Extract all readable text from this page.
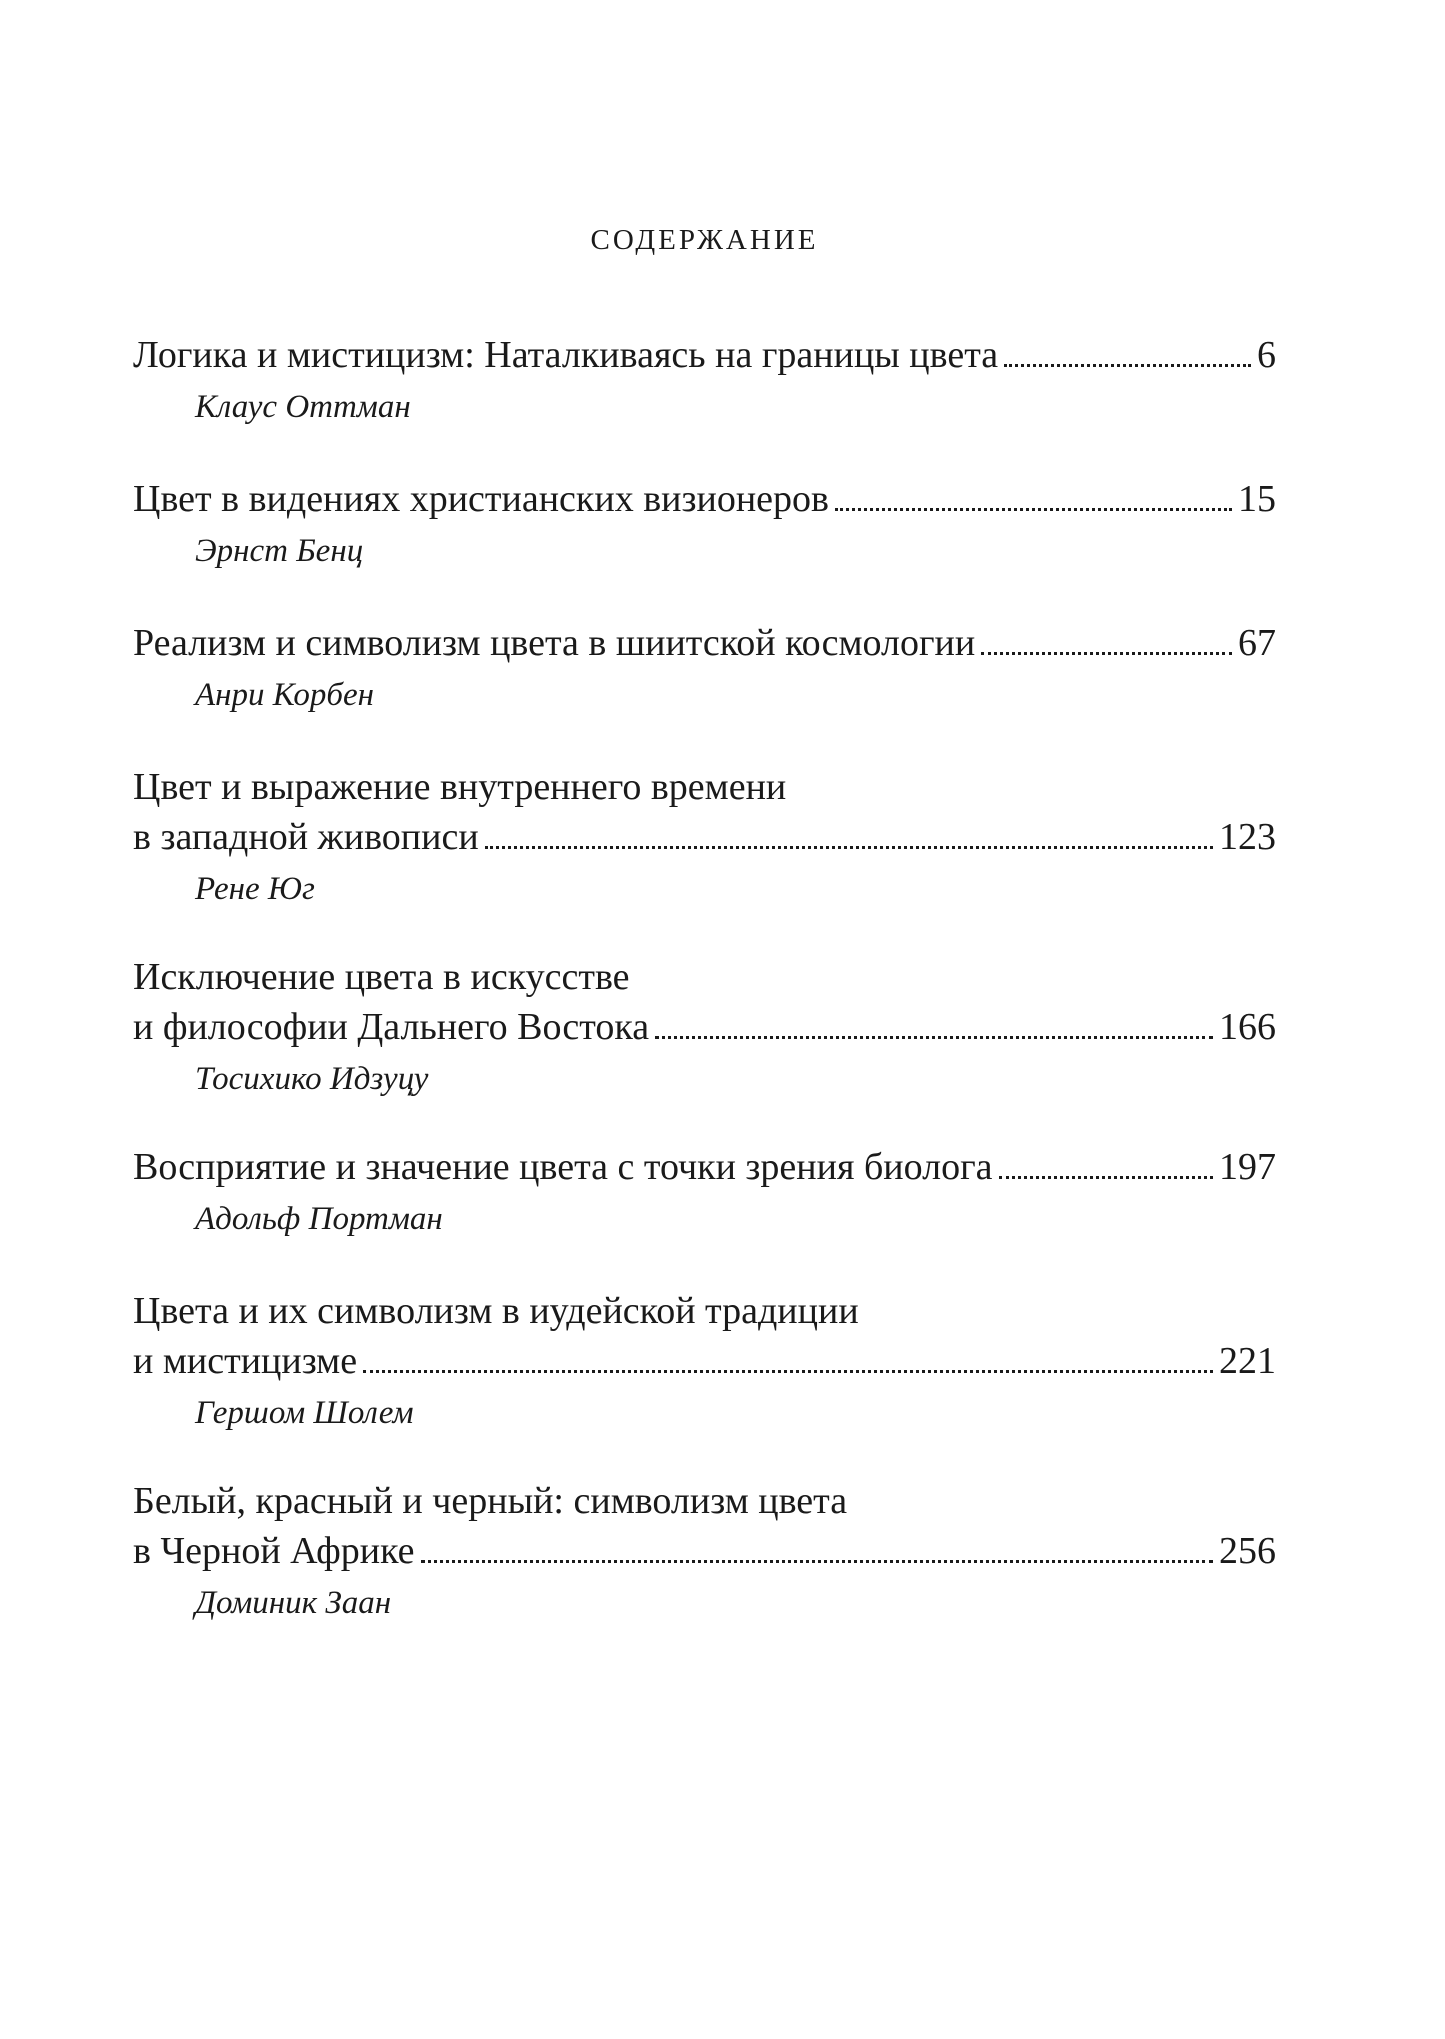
содержание
Логика и мистицизм: Наталкиваясь на границы цвета	6
Клаус Оттман
Цвет в видениях христианских визионеров	15
Эрнст Бенц
Реализм и символизм цвета в шиитской космологии	67
Анри Корбен
Цвет и выражение внутреннего времени
в западной живописи	123
Рене Юг
Исключение цвета в искусстве
и философии Дальнего Востока	166
Тосихико Идзуцу
Восприятие и значение цвета с точки зрения биолога	197
Адольф Портман
Цвета и их символизм в иудейской традиции
и мистицизме	221
Гершом Шолем
Белый, красный и черный: символизм цвета
в Черной Африке	256
Доминик Заан
